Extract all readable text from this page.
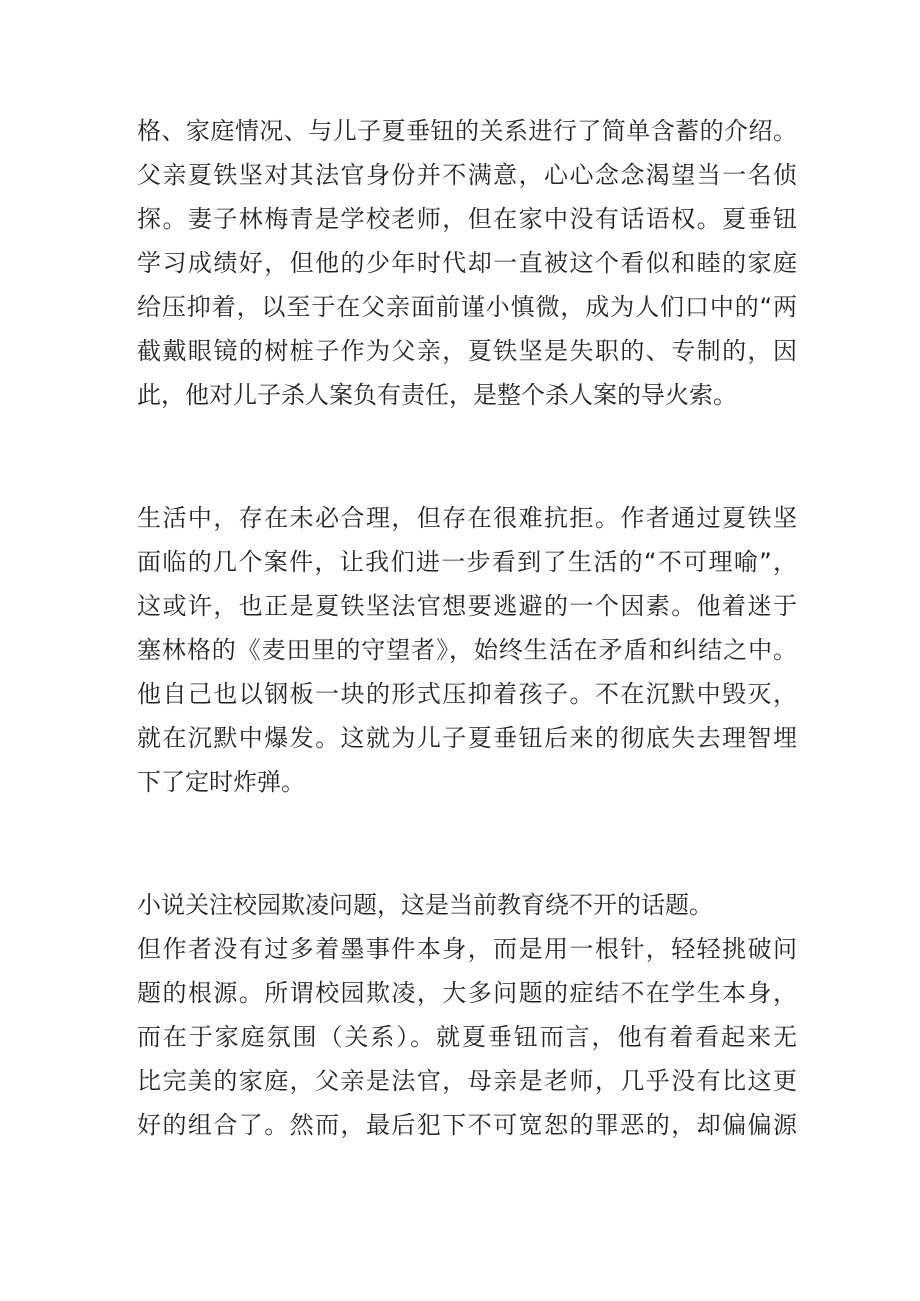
格、家庭情况、与儿子夏垂钮的关系进行了简单含蓄的介绍。
父亲夏铁坚对其法官身份并不满意，心心念念渴望当一名侦
探。妻子林梅青是学校老师，但在家中没有话语权。夏垂钮
学习成绩好，但他的少年时代却一直被这个看似和睦的家庭
给压抑着，以至于在父亲面前谨小慎微，成为人们口中的“两
截戴眼镜的树桩子作为父亲，夏铁坚是失职的、专制的，因
此，他对儿子杀人案负有责任，是整个杀人案的导火索。
生活中，存在未必合理，但存在很难抗拒。作者通过夏铁坚
面临的几个案件，让我们进一步看到了生活的“不可理喻”，
这或许，也正是夏铁坚法官想要逃避的一个因素。他着迷于
塞林格的《麦田里的守望者》，始终生活在矛盾和纠结之中。
他自己也以钢板一块的形式压抑着孩子。不在沉默中毁灭，
就在沉默中爆发。这就为儿子夏垂钮后来的彻底失去理智埋
下了定时炸弹。
小说关注校园欺凌问题，这是当前教育绕不开的话题。
但作者没有过多着墨事件本身，而是用一根针，轻轻挑破问
题的根源。所谓校园欺凌，大多问题的症结不在学生本身，
而在于家庭氛围（关系）。就夏垂钮而言，他有着看起来无
比完美的家庭，父亲是法官，母亲是老师，几乎没有比这更
好的组合了。然而，最后犯下不可宽恕的罪恶的，却偏偏源
